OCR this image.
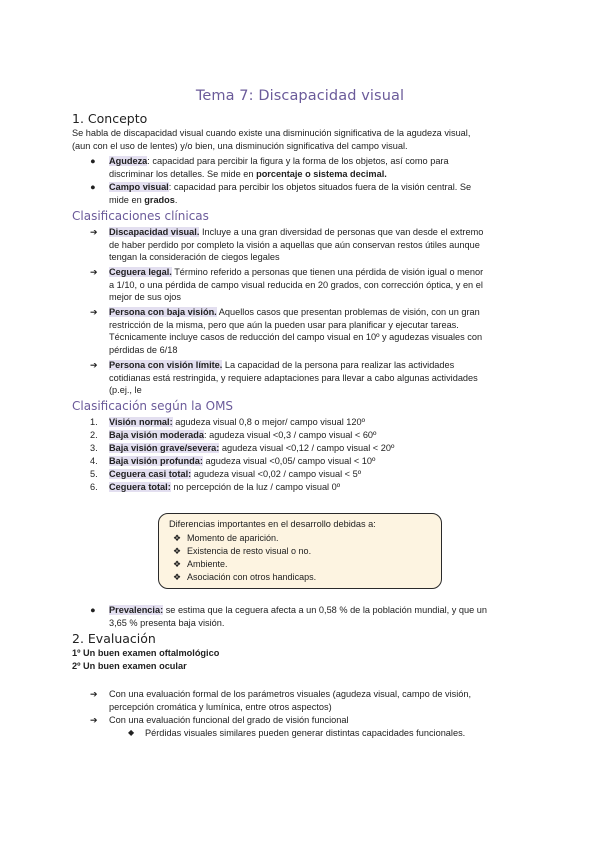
Tema 7: Discapacidad visual
1. Concepto
Se habla de discapacidad visual cuando existe una disminución significativa de la agudeza visual,
(aun con el uso de lentes) y/o bien, una disminución significativa del campo visual.
● Agudeza: capacidad para percibir la figura y la forma de los objetos, así como para
discriminar los detalles. Se mide en porcentaje o sistema decimal.
● Campo visual: capacidad para percibir los objetos situados fuera de la visión central. Se
mide en grados.
Clasificaciones clínicas
➔ Discapacidad visual. Incluye a una gran diversidad de personas que van desde el extremo
de haber perdido por completo la visión a aquellas que aún conservan restos útiles aunque
tengan la consideración de ciegos legales
➔ Ceguera legal. Término referido a personas que tienen una pérdida de visión igual o menor
a 1/10, o una pérdida de campo visual reducida en 20 grados, con corrección óptica, y en el
mejor de sus ojos
➔ Persona con baja visión. Aquellos casos que presentan problemas de visión, con un gran
restricción de la misma, pero que aún la pueden usar para planificar y ejecutar tareas.
Técnicamente incluye casos de reducción del campo visual en 10º y agudezas visuales con
pérdidas de 6/18
➔ Persona con visión límite. La capacidad de la persona para realizar las actividades
cotidianas está restringida, y requiere adaptaciones para llevar a cabo algunas actividades
(p.ej., le
Clasificación según la OMS
1. Visión normal: agudeza visual 0,8 o mejor/ campo visual 120º
2. Baja visión moderada: agudeza visual <0,3 / campo visual < 60º
3. Baja visión grave/severa: agudeza visual <0,12 / campo visual < 20º
4. Baja visión profunda: agudeza visual <0,05/ campo visual < 10º
5. Ceguera casi total: agudeza visual <0,02 / campo visual < 5º
6. Ceguera total: no percepción de la luz / campo visual 0º
Diferencias importantes en el desarrollo debidas a:
❖ Momento de aparición.
❖ Existencia de resto visual o no.
❖ Ambiente.
❖ Asociación con otros handicaps.
● Prevalencia: se estima que la ceguera afecta a un 0,58 % de la población mundial, y que un
3,65 % presenta baja visión.
2. Evaluación
1º Un buen examen oftalmológico
2º Un buen examen ocular
➔ Con una evaluación formal de los parámetros visuales (agudeza visual, campo de visión,
percepción cromática y lumínica, entre otros aspectos)
➔ Con una evaluación funcional del grado de visión funcional
◆ Pérdidas visuales similares pueden generar distintas capacidades funcionales.
